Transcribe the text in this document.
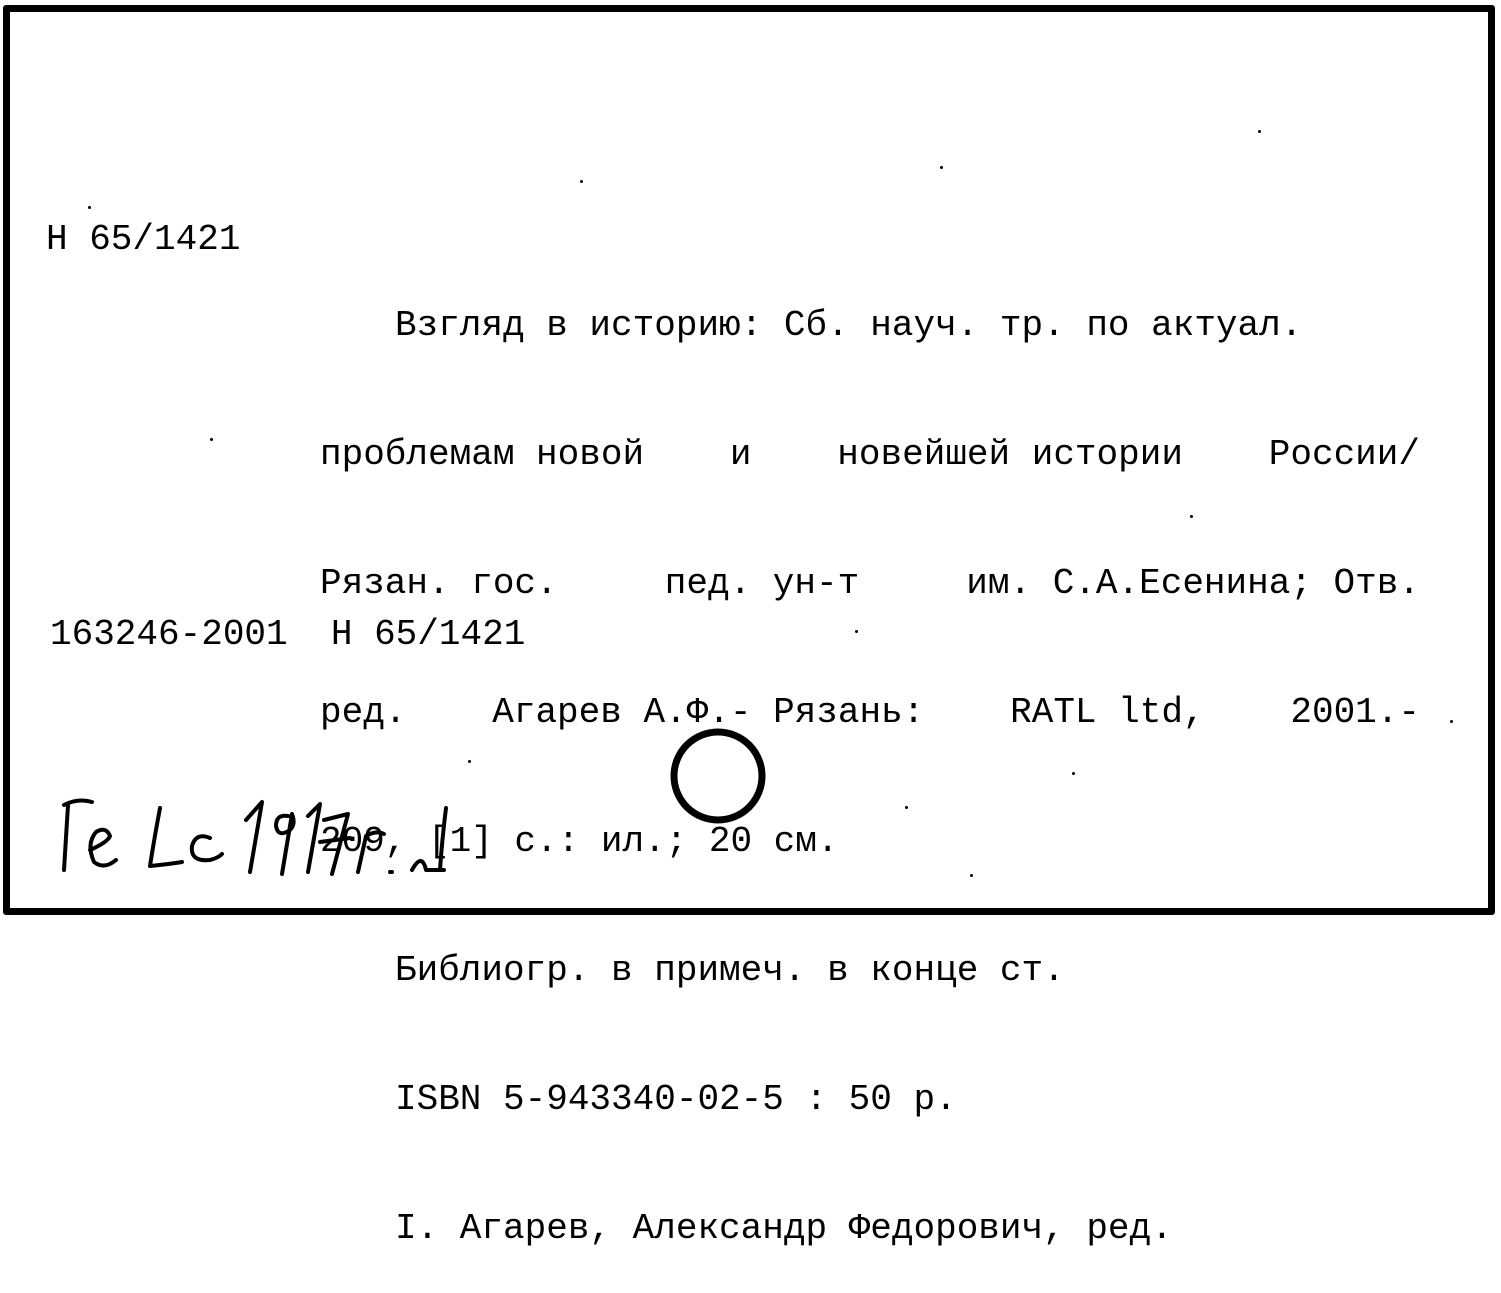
Н 65/1421

Взгляд в историю: Сб. науч. тр. по актуал.

проблемам новой и новейшей истории России/

Рязан. гос.	пед. ун-т	им. С.А.Есенина; Отв.

ред. Агарев А.Ф.- Рязань: RATL ltd, 2001.-

209, [1] с.: ил.; 20 см.

Библиогр. в примеч. в конце ст.

ISBN 5-943340-02-5 : 50 р.

I. Агарев, Александр Федорович, ред.

163246-2001 Н 65/1421
